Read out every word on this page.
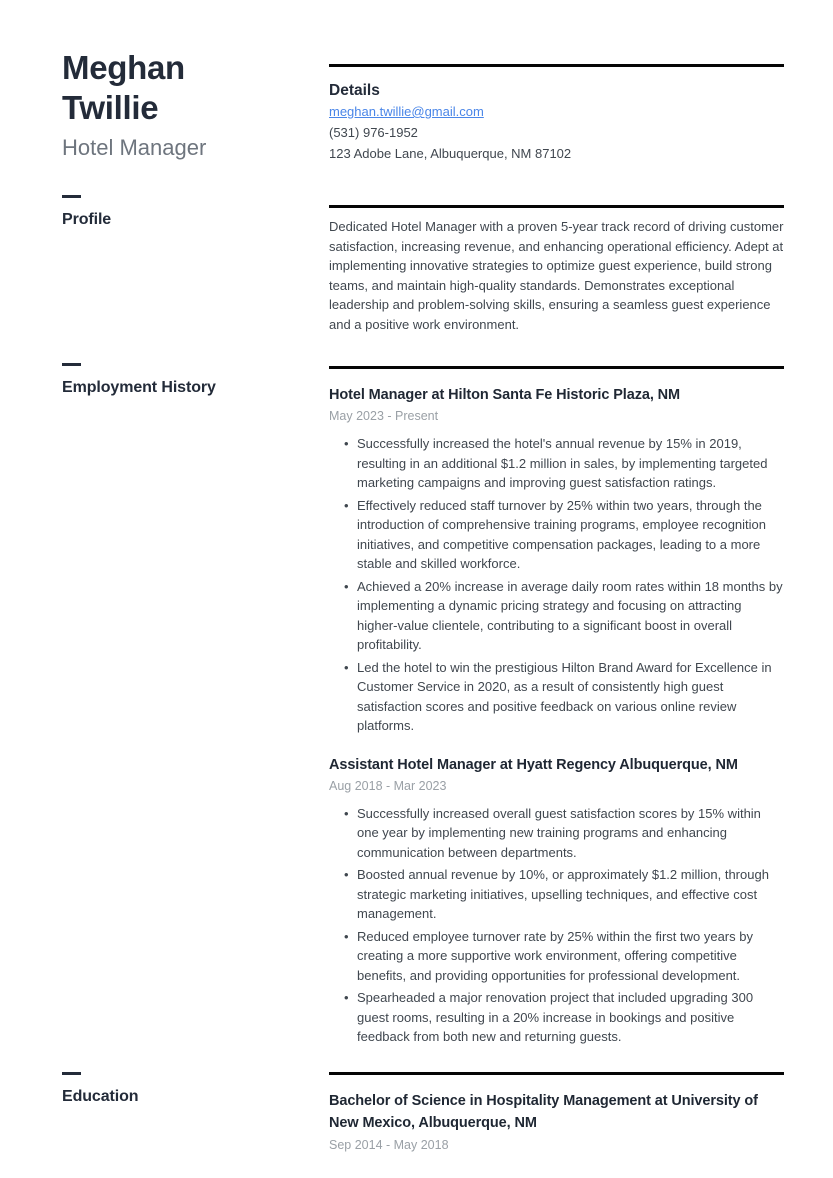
Meghan Twillie
Hotel Manager
Profile
Employment History
Education
Details
meghan.twillie@gmail.com
(531) 976-1952
123 Adobe Lane, Albuquerque, NM 87102

Dedicated Hotel Manager with a proven 5-year track record of driving customer satisfaction, increasing revenue, and enhancing operational efficiency. Adept at implementing innovative strategies to optimize guest experience, build strong teams, and maintain high-quality standards. Demonstrates exceptional leadership and problem-solving skills, ensuring a seamless guest experience and a positive work environment.

Hotel Manager at Hilton Santa Fe Historic Plaza, NM
May 2023 - Present
• Successfully increased the hotel's annual revenue by 15% in 2019, resulting in an additional $1.2 million in sales, by implementing targeted marketing campaigns and improving guest satisfaction ratings.
• Effectively reduced staff turnover by 25% within two years, through the introduction of comprehensive training programs, employee recognition initiatives, and competitive compensation packages, leading to a more stable and skilled workforce.
• Achieved a 20% increase in average daily room rates within 18 months by implementing a dynamic pricing strategy and focusing on attracting higher-value clientele, contributing to a significant boost in overall profitability.
• Led the hotel to win the prestigious Hilton Brand Award for Excellence in Customer Service in 2020, as a result of consistently high guest satisfaction scores and positive feedback on various online review platforms.
Assistant Hotel Manager at Hyatt Regency Albuquerque, NM
Aug 2018 - Mar 2023
• Successfully increased overall guest satisfaction scores by 15% within one year by implementing new training programs and enhancing communication between departments.
• Boosted annual revenue by 10%, or approximately $1.2 million, through strategic marketing initiatives, upselling techniques, and effective cost management.
• Reduced employee turnover rate by 25% within the first two years by creating a more supportive work environment, offering competitive benefits, and providing opportunities for professional development.
• Spearheaded a major renovation project that included upgrading 300 guest rooms, resulting in a 20% increase in bookings and positive feedback from both new and returning guests.
Bachelor of Science in Hospitality Management at University of New Mexico, Albuquerque, NM
Sep 2014 - May 2018
